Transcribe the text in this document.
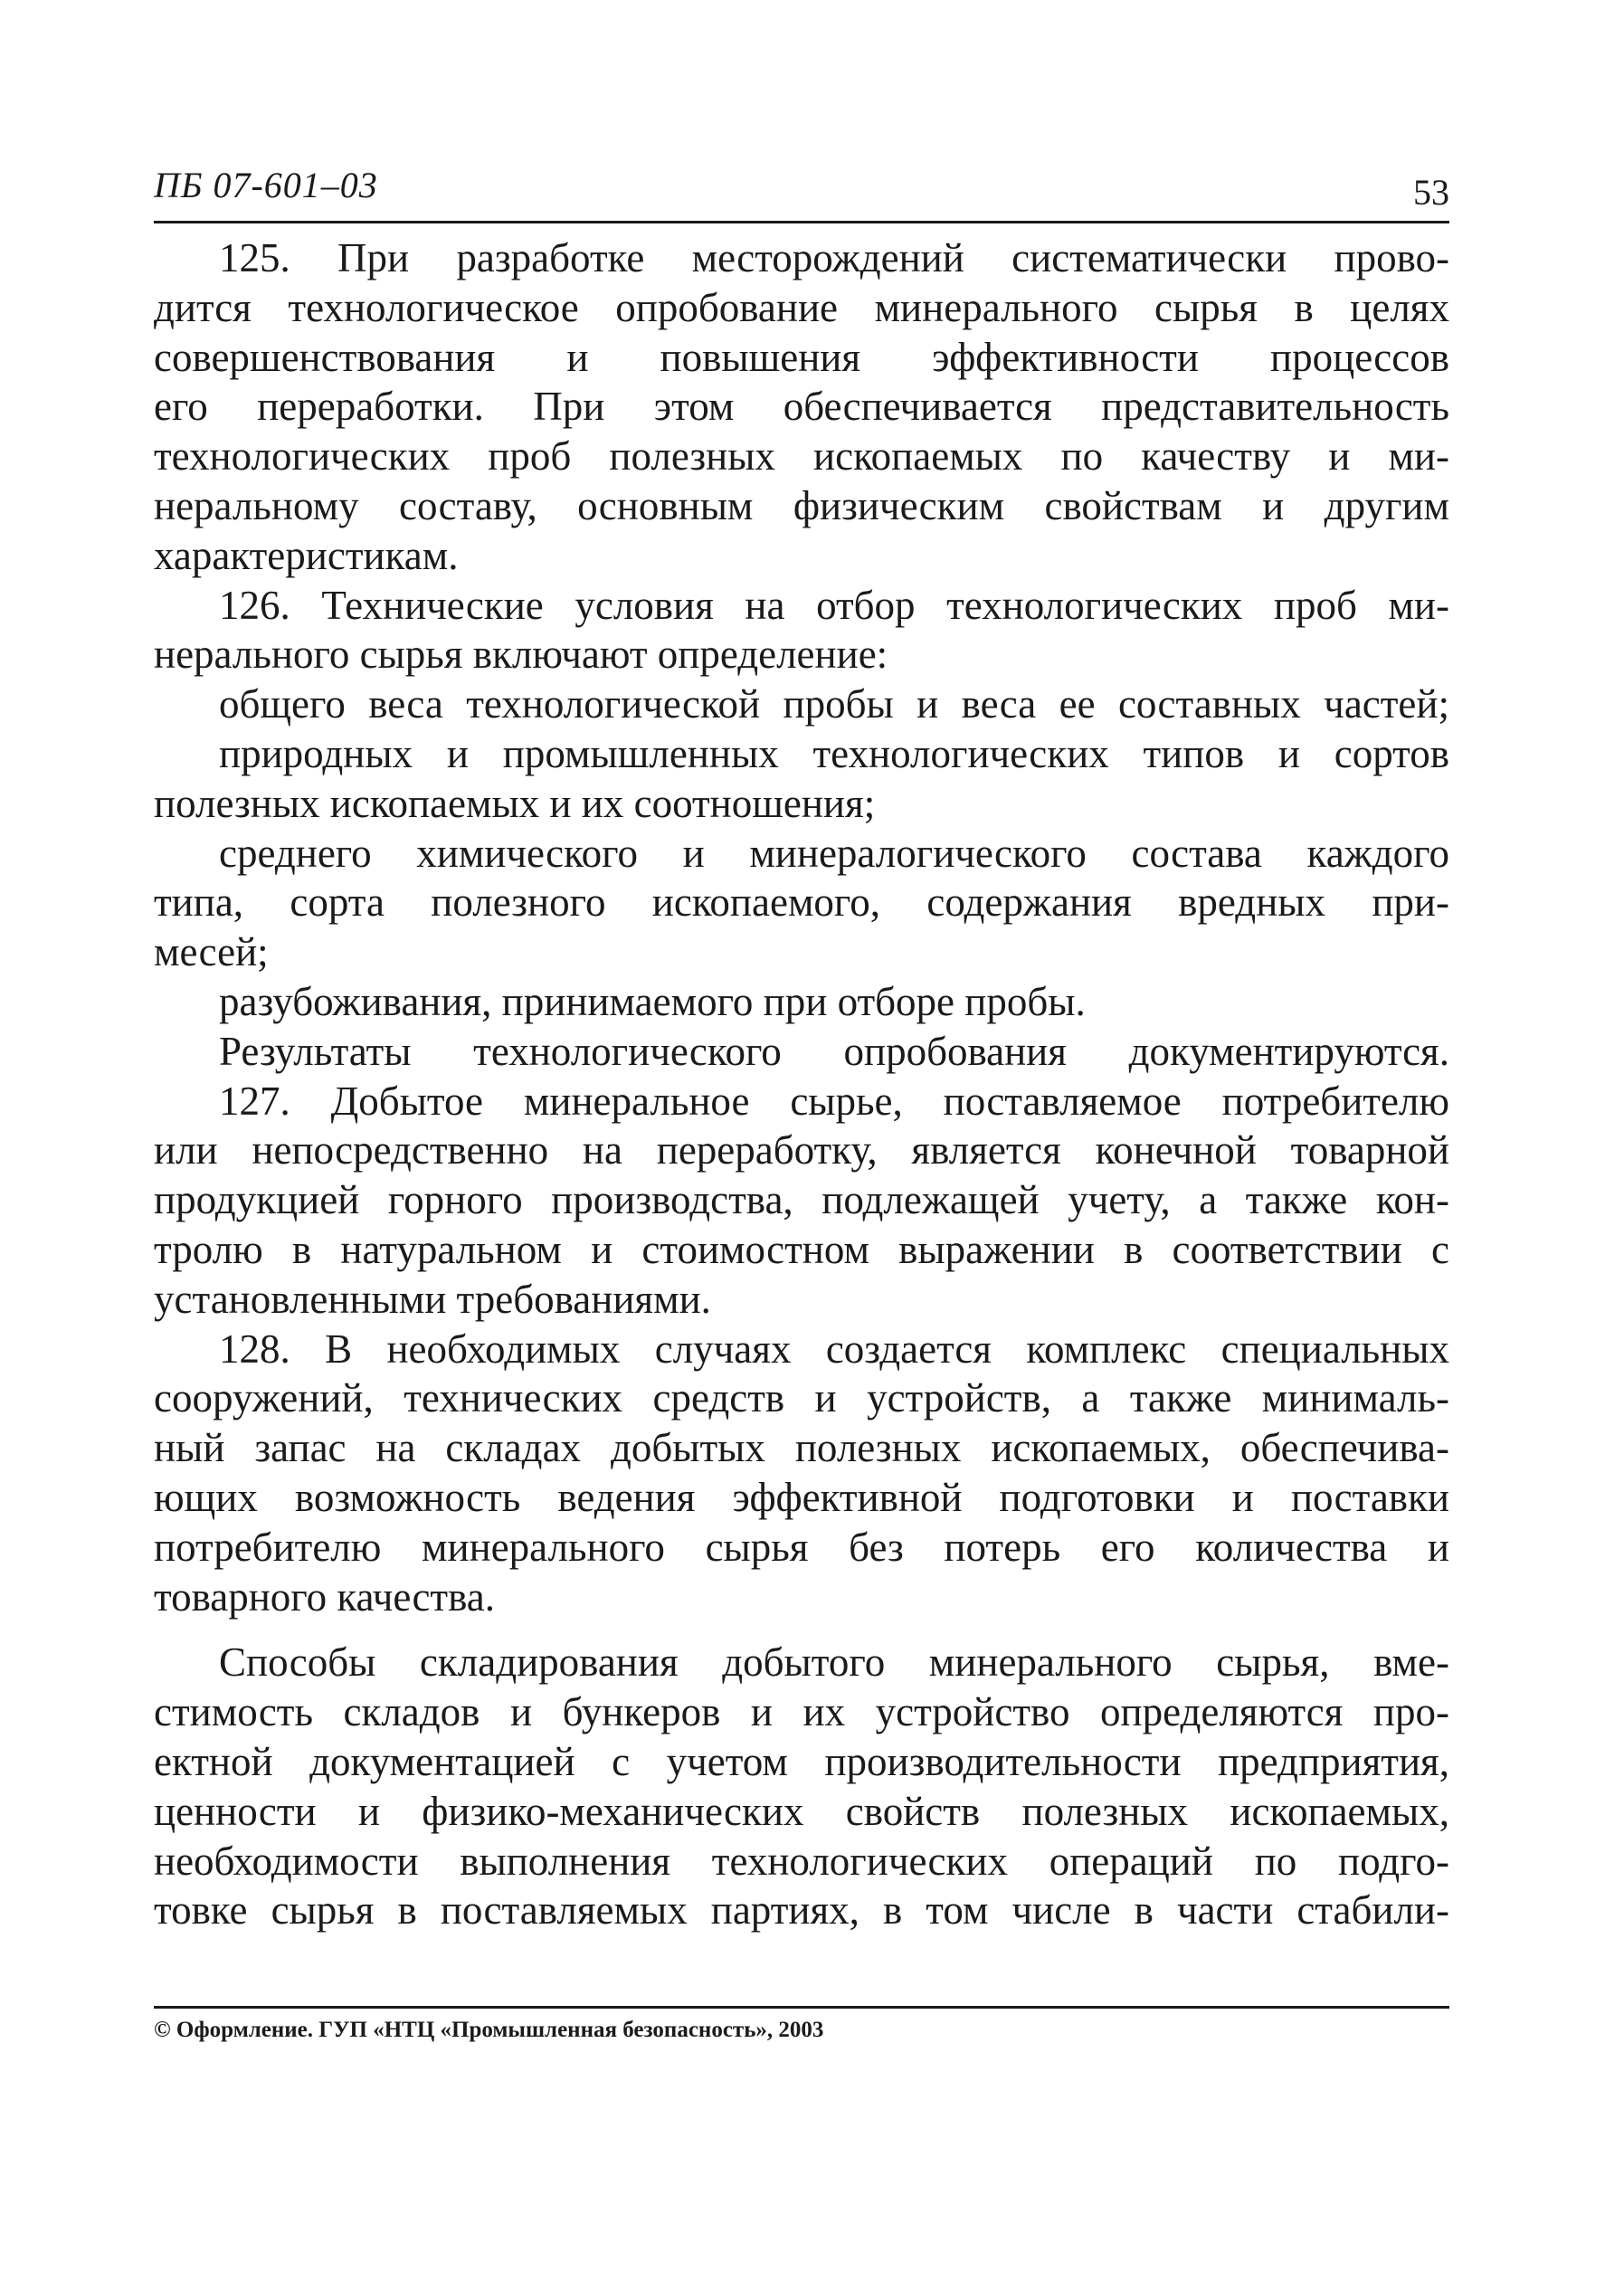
ПБ 07-601–03	53
125. При разработке месторождений систематически прово-
дится технологическое опробование минерального сырья в целях
совершенствования и повышения эффективности процессов
его переработки. При этом обеспечивается представительность
технологических проб полезных ископаемых по качеству и ми-
неральному составу, основным физическим свойствам и другим
характеристикам.
126. Технические условия на отбор технологических проб ми-
нерального сырья включают определение:
общего веса технологической пробы и веса ее составных частей;
природных и промышленных технологических типов и сортов
полезных ископаемых и их соотношения;
среднего химического и минералогического состава каждого
типа, сорта полезного ископаемого, содержания вредных при-
месей;
разубоживания, принимаемого при отборе пробы.
Результаты технологического опробования документируются.
127. Добытое минеральное сырье, поставляемое потребителю
или непосредственно на переработку, является конечной товарной
продукцией горного производства, подлежащей учету, а также кон-
тролю в натуральном и стоимостном выражении в соответствии с
установленными требованиями.
128. В необходимых случаях создается комплекс специальных
сооружений, технических средств и устройств, а также минималь-
ный запас на складах добытых полезных ископаемых, обеспечива-
ющих возможность ведения эффективной подготовки и поставки
потребителю минерального сырья без потерь его количества и
товарного качества.
Способы складирования добытого минерального сырья, вме-
стимость складов и бункеров и их устройство определяются про-
ектной документацией с учетом производительности предприятия,
ценности и физико-механических свойств полезных ископаемых,
необходимости выполнения технологических операций по подго-
товке сырья в поставляемых партиях, в том числе в части стабили-
© Оформление. ГУП «НТЦ «Промышленная безопасность», 2003
